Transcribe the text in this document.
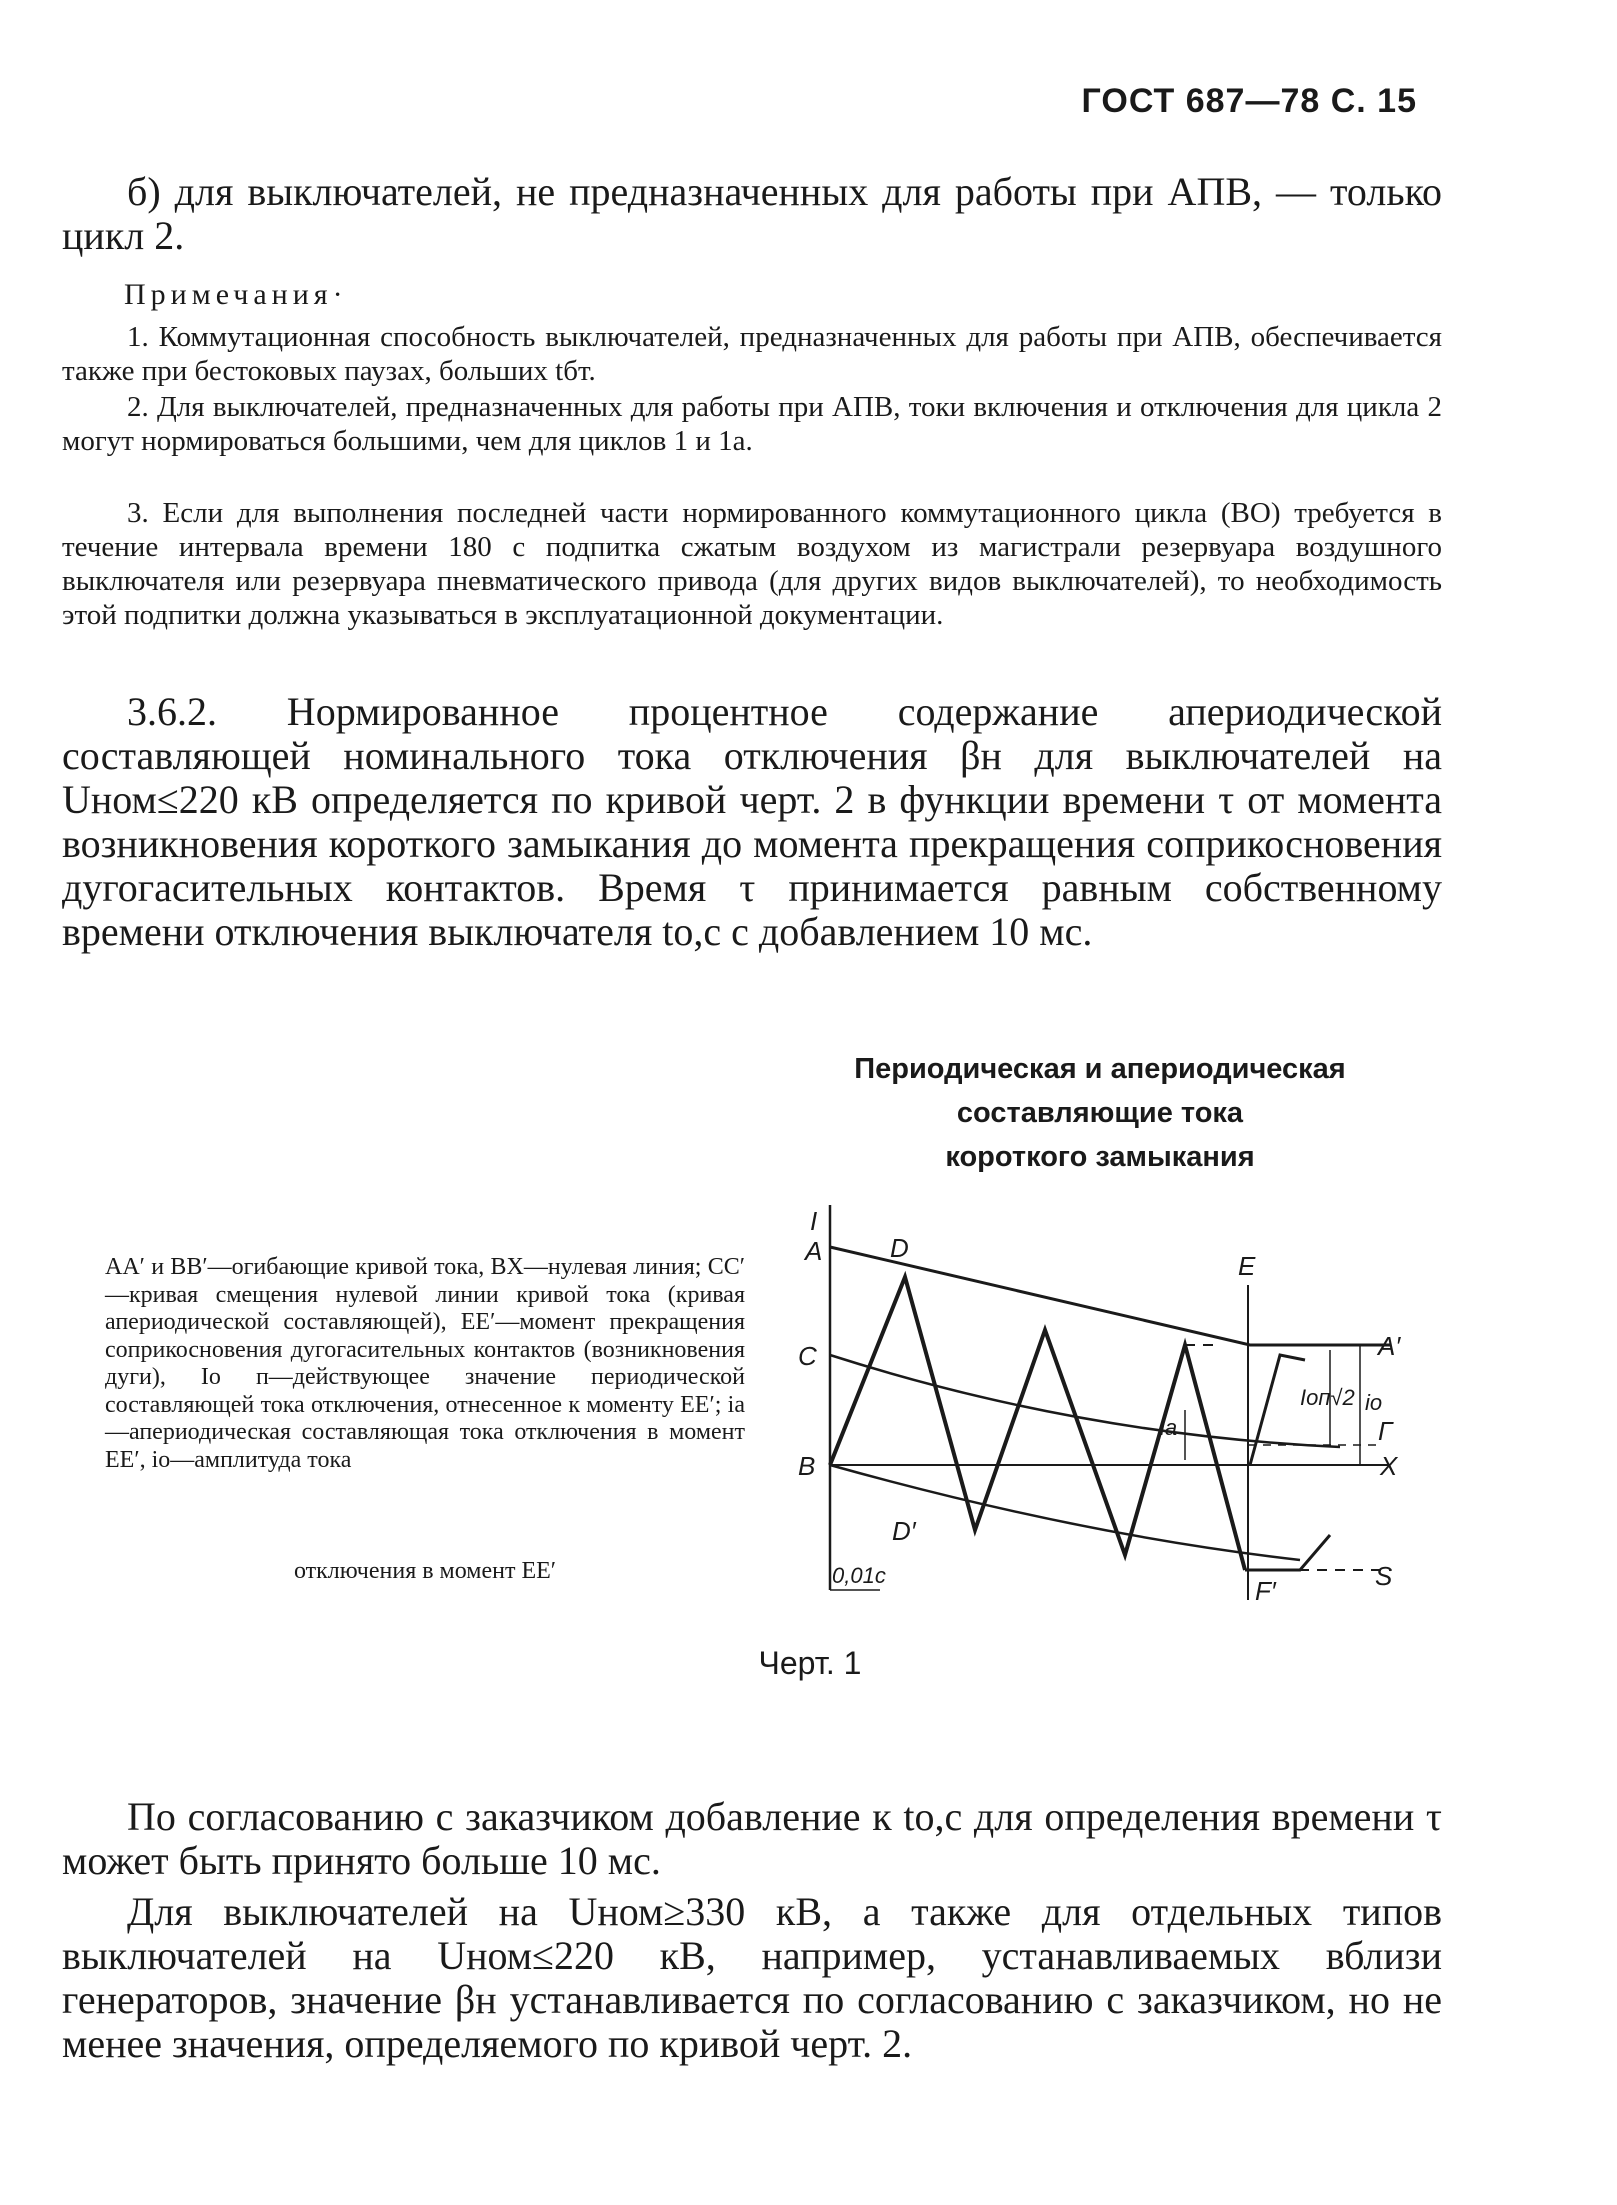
ГОСТ 687—78 С. 15

б) для выключателей, не предназначенных для работы при АПВ, — только цикл 2.

Примечания·

1. Коммутационная способность выключателей, предназначенных для работы при АПВ, обеспечивается также при бестоковых паузах, больших tбт.

2. Для выключателей, предназначенных для работы при АПВ, токи включения и отключения для цикла 2 могут нормироваться большими, чем для циклов 1 и 1a.

3. Если для выполнения последней части нормированного коммутационного цикла (ВО) требуется в течение интервала времени 180 с подпитка сжатым воздухом из магистрали резервуара воздушного выключателя или резервуара пневматического привода (для других видов выключателей), то необходимость этой подпитки должна указываться в эксплуатационной документации.

3.6.2. Нормированное процентное содержание апериодической составляющей номинального тока отключения βн для выключателей на Uном≤220 кВ определяется по кривой черт. 2 в функции времени τ от момента возникновения короткого замыкания до момента прекращения соприкосновения дугогасительных контактов. Время τ принимается равным собственному времени отключения выключателя tо,с с добавлением 10 мс.

Периодическая и апериодическая
составляющие тока
короткого замыкания

AA′ и BB′—огибающие кривой тока, BX—нулевая линия; CC′—кривая смещения нулевой линии кривой тока (кривая апериодической составляющей), EE′—момент прекращения соприкосновения дугогасительных контактов (возникновения дуги), Iо п—действующее значение периодической составляющей тока отключения, отнесенное к моменту EE′; iа—апериодическая составляющая тока отключения в момент EE′, iо—амплитуда тока

отключения в момент EE′
I
A	D
E
A′
C
B	X
Г
D′
F′	S
0,01с
iа
Iоп√2 iо
Черт. 1

По согласованию с заказчиком добавление к tо,с для определения времени τ может быть принято больше 10 мс.

Для выключателей на Uном≥330 кВ, а также для отдельных типов выключателей на Uном≤220 кВ, например, устанавливаемых вблизи генераторов, значение βн устанавливается по согласованию с заказчиком, но не менее значения, определяемого по кривой черт. 2.
